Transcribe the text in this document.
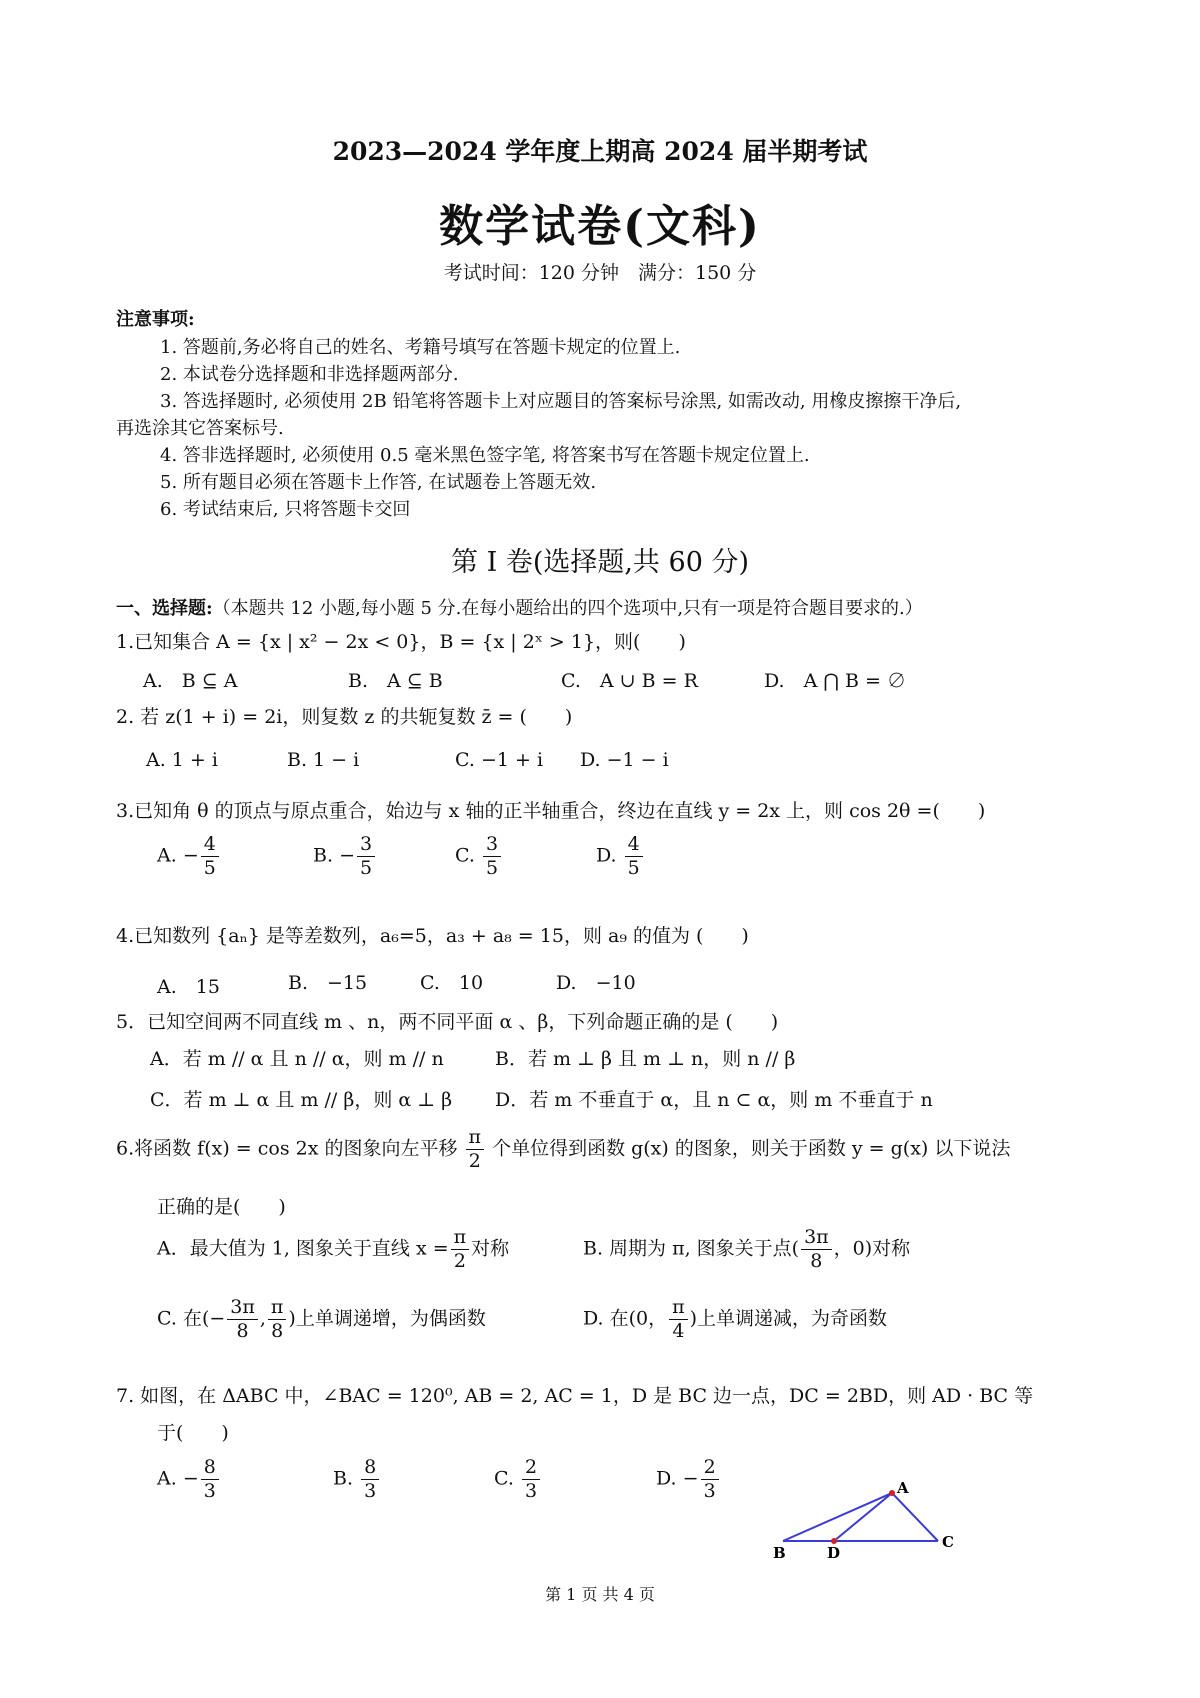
2023—2024 学年度上期高 2024 届半期考试
数学试卷(文科)
考试时间：120 分钟　满分：150 分
注意事项:
1. 答题前,务必将自己的姓名、考籍号填写在答题卡规定的位置上.
2. 本试卷分选择题和非选择题两部分.
3. 答选择题时, 必须使用 2B 铅笔将答题卡上对应题目的答案标号涂黑, 如需改动, 用橡皮擦擦干净后,
再选涂其它答案标号.
4. 答非选择题时, 必须使用 0.5 毫米黑色签字笔, 将答案书写在答题卡规定位置上.
5. 所有题目必须在答题卡上作答, 在试题卷上答题无效.
6. 考试结束后, 只将答题卡交回
第 I 卷(选择题,共 60 分)
一、选择题:（本题共 12 小题,每小题 5 分.在每小题给出的四个选项中,只有一项是符合题目要求的.）
1.已知集合 A = {x | x² − 2x < 0}，B = {x | 2ˣ > 1}，则(　　)
A.　B ⊆ A	B.　A ⊆ B	C.　A ∪ B = R	D.　A ⋂ B = ∅
2. 若 z(1 + i) = 2i，则复数 z 的共轭复数 z̄ = (　　)
A. 1 + i	B. 1 − i	C. −1 + i D. −1 − i
3.已知角 θ 的顶点与原点重合，始边与 x 轴的正半轴重合，终边在直线 y = 2x 上，则 cos 2θ =(　　)
A. − $\frac{4}{5}$	B. − $\frac{3}{5}$	C. $\frac{3}{5}$	D. $\frac{4}{5}$
4.已知数列 {aₙ} 是等差数列，a₆=5，a₃ + a₈ = 15，则 a₉ 的值为 (　　)
A.　15	B.　−15	C.　10	D.　−10
5．已知空间两不同直线 m 、n，两不同平面 α 、β，下列命题正确的是 (　　)
A．若 m // α 且 n // α，则 m // n	B．若 m ⊥ β 且 m ⊥ n，则 n // β
C．若 m ⊥ α 且 m // β，则 α ⊥ β D．若 m 不垂直于 α，且 n ⊂ α，则 m 不垂直于 n
6.将函数 f(x) = cos 2x 的图象向左平移 $\frac{\pi}{2}$ 个单位得到函数 g(x) 的图象，则关于函数 y = g(x) 以下说法
正确的是(　　)
A．最大值为 1, 图象关于直线 $x = \frac{\pi}{2}$ 对称	B. 周期为 π, 图象关于点( $\frac{3\pi}{8}$ ，0)对称
C. 在(− $\frac{3\pi}{8}$ , $\frac{\pi}{8}$ )上单调递增，为偶函数	D. 在(0， $\frac{\pi}{4}$ )上单调递减，为奇函数
7. 如图，在 ΔABC 中，∠BAC = 120⁰, AB = 2, AC = 1，D 是 BC 边一点，DC = 2BD，则 AD · BC 等
于(　　)
A. − $\frac{8}{3}$	B. $\frac{8}{3}$	C. $\frac{2}{3}$	D. − $\frac{2}{3}$	A
B	D
C
第 1 页 共 4 页
